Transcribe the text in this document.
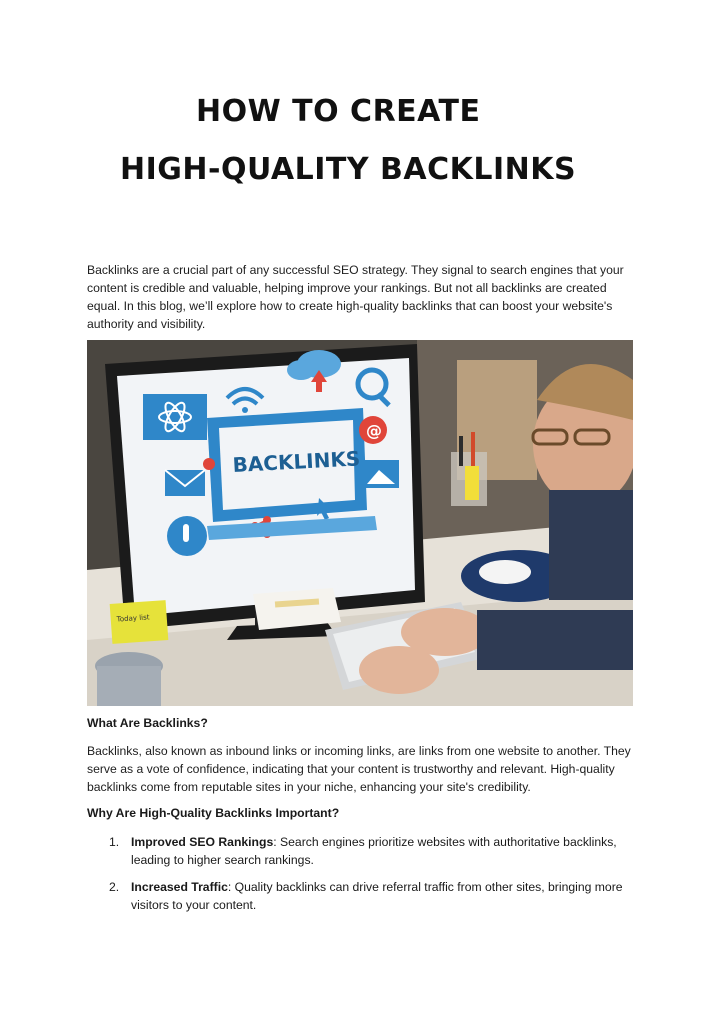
HOW TO CREATE
HIGH-QUALITY BACKLINKS

Backlinks are a crucial part of any successful SEO strategy. They signal to search engines that your content is credible and valuable, helping improve your rankings. But not all backlinks are created equal. In this blog, we’ll explore how to create high-quality backlinks that can boost your website's authority and visibility.

BACKLINKS
@
Today list

What Are Backlinks?

Backlinks, also known as inbound links or incoming links, are links from one website to another. They serve as a vote of confidence, indicating that your content is trustworthy and relevant. High-quality backlinks come from reputable sites in your niche, enhancing your site's credibility.

Why Are High-Quality Backlinks Important?

1. Improved SEO Rankings: Search engines prioritize websites with authoritative backlinks, leading to higher search rankings.
2. Increased Traffic: Quality backlinks can drive referral traffic from other sites, bringing more visitors to your content.
